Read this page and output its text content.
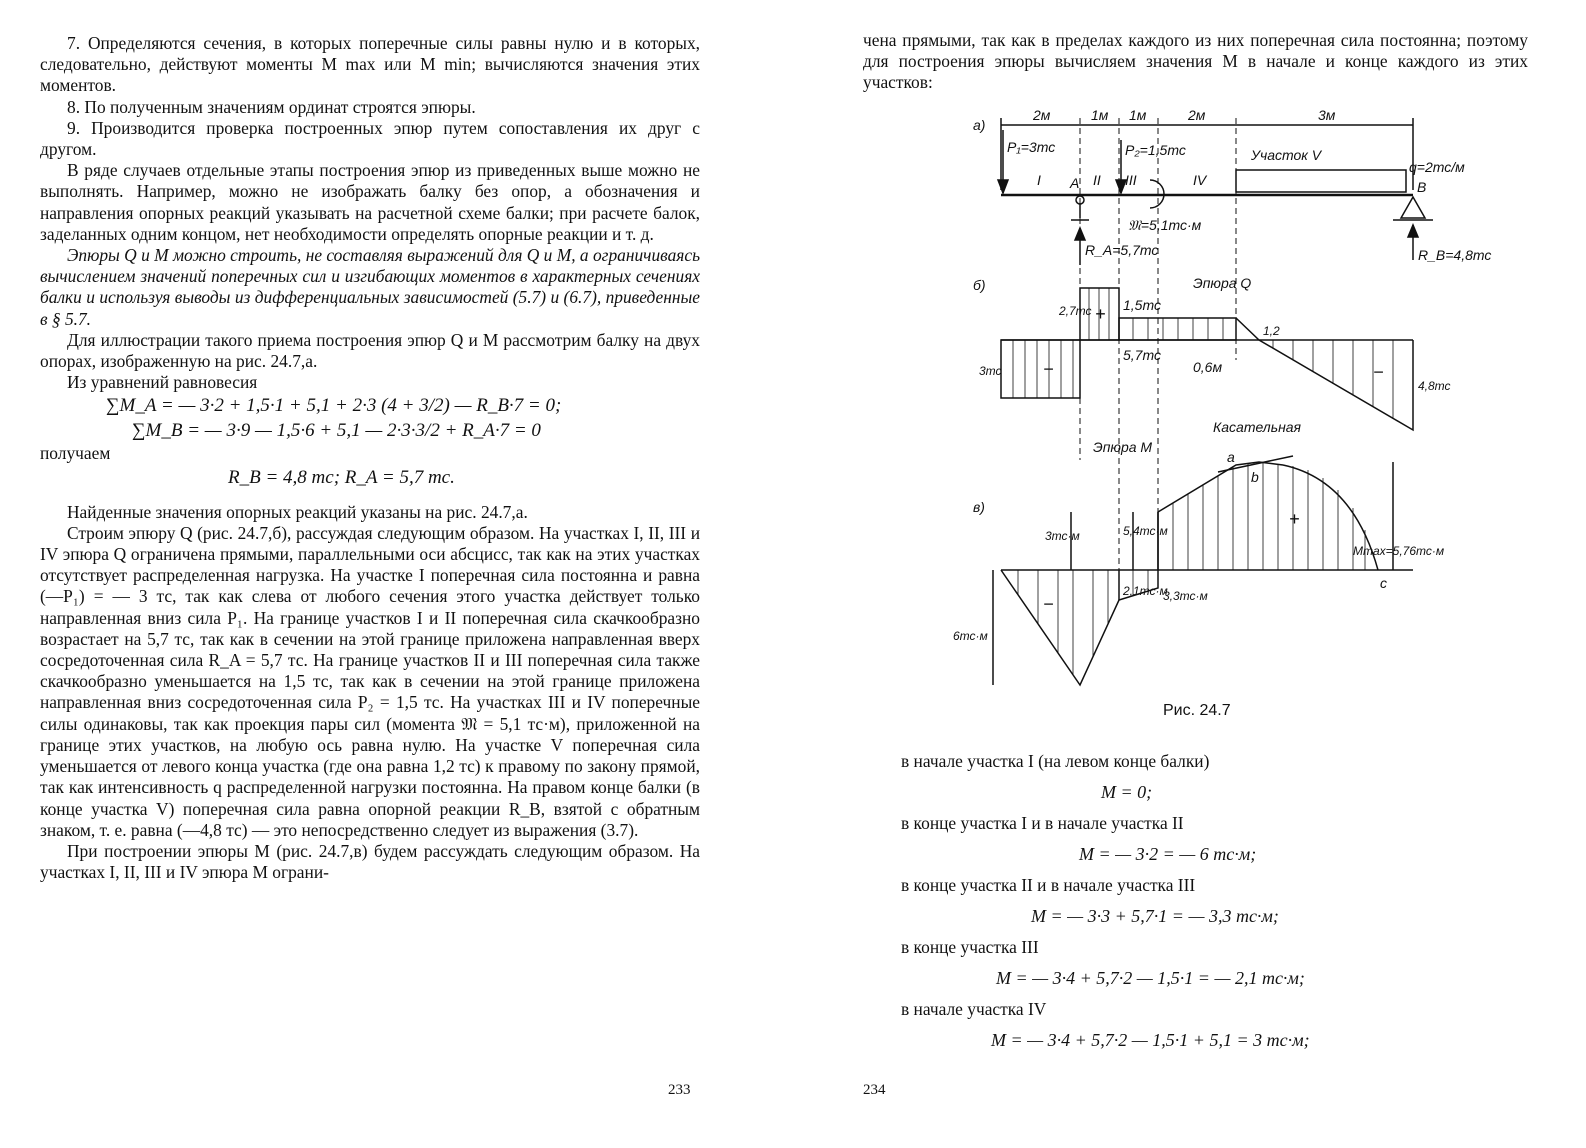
7. Определяются сечения, в которых поперечные силы равны нулю и в которых, следовательно, действуют моменты M max или M min; вычисляются значения этих моментов.

8. По полученным значениям ординат строятся эпюры.

9. Производится проверка построенных эпюр путем сопоставления их друг с другом.

В ряде случаев отдельные этапы построения эпюр из приведенных выше можно не выполнять. Например, можно не изображать балку без опор, а обозначения и направления опорных реакций указывать на расчетной схеме балки; при расчете балок, заделанных одним концом, нет необходимости определять опорные реакции и т. д.

Эпюры Q и M можно строить, не составляя выражений для Q и M, а ограничиваясь вычислением значений поперечных сил и изгибающих моментов в характерных сечениях балки и используя выводы из дифференциальных зависимостей (5.7) и (6.7), приведенные в § 5.7.

Для иллюстрации такого приема построения эпюр Q и M рассмотрим балку на двух опорах, изображенную на рис. 24.7,а.

Из уравнений равновесия

∑M_A = — 3·2 + 1,5·1 + 5,1 + 2·3 (4 + 3/2) — R_B·7 = 0;
∑M_B = — 3·9 — 1,5·6 + 5,1 — 2·3·3/2 + R_A·7 = 0

получаем

R_B = 4,8 тс; R_A = 5,7 тс.

Найденные значения опорных реакций указаны на рис. 24.7,а.

Строим эпюру Q (рис. 24.7,б), рассуждая следующим образом. На участках I, II, III и IV эпюра Q ограничена прямыми, параллельными оси абсцисс, так как на этих участках отсутствует распределенная нагрузка. На участке I поперечная сила постоянна и равна (—P₁) = — 3 тс, так как слева от любого сечения этого участка действует только направленная вниз сила P₁. На границе участков I и II поперечная сила скачкообразно возрастает на 5,7 тс, так как в сечении на этой границе приложена направленная вверх сосредоточенная сила R_A = 5,7 тс. На границе участков II и III поперечная сила также скачкообразно уменьшается на 1,5 тс, так как в сечении на этой границе приложена направленная вниз сосредоточенная сила P₂ = 1,5 тс. На участках III и IV поперечные силы одинаковы, так как проекция пары сил (момента 𝔐 = 5,1 тс·м), приложенной на границе этих участков, на любую ось равна нулю. На участке V поперечная сила уменьшается от левого конца участка (где она равна 1,2 тс) к правому по закону прямой, так как интенсивность q распределенной нагрузки постоянна. На правом конце балки (в конце участка V) поперечная сила равна опорной реакции R_B, взятой с обратным знаком, т. е. равна (—4,8 тс) — это непосредственно следует из выражения (3.7).

При построении эпюры M (рис. 24.7,в) будем рассуждать следующим образом. На участках I, II, III и IV эпюра M ограни-

233

чена прямыми, так как в пределах каждого из них поперечная сила постоянна; поэтому для построения эпюры вычисляем значения M в начале и конце каждого из этих участков:

а)
2м	1м 1м	2м	3м
P₁=3тс	P₂=1,5тс	Участок V
q=2тс/м
I	II III	IV
A	B
𝔐=5,1тс·м
R_A=5,7тс	R_B=4,8тс
б)	Эпюра Q
2,7тс 1,5тс
5,7тс
3тс
1,2
0,6м
4,8тс
−
+
−
Эпюра M
Касательная
в)
a
b
c
3тс·м	5,4тс·м
Mmax=5,76тс·м
2,1тс·м
3,3тс·м
6тс·м
+
−
Рис. 24.7
в начале участка I (на левом конце балки)
M = 0;
в конце участка I и в начале участка II
M = — 3·2 = — 6 тс·м;
в конце участка II и в начале участка III
M = — 3·3 + 5,7·1 = — 3,3 тс·м;
в конце участка III
M = — 3·4 + 5,7·2 — 1,5·1 = — 2,1 тс·м;
в начале участка IV
M = — 3·4 + 5,7·2 — 1,5·1 + 5,1 = 3 тс·м;
234
